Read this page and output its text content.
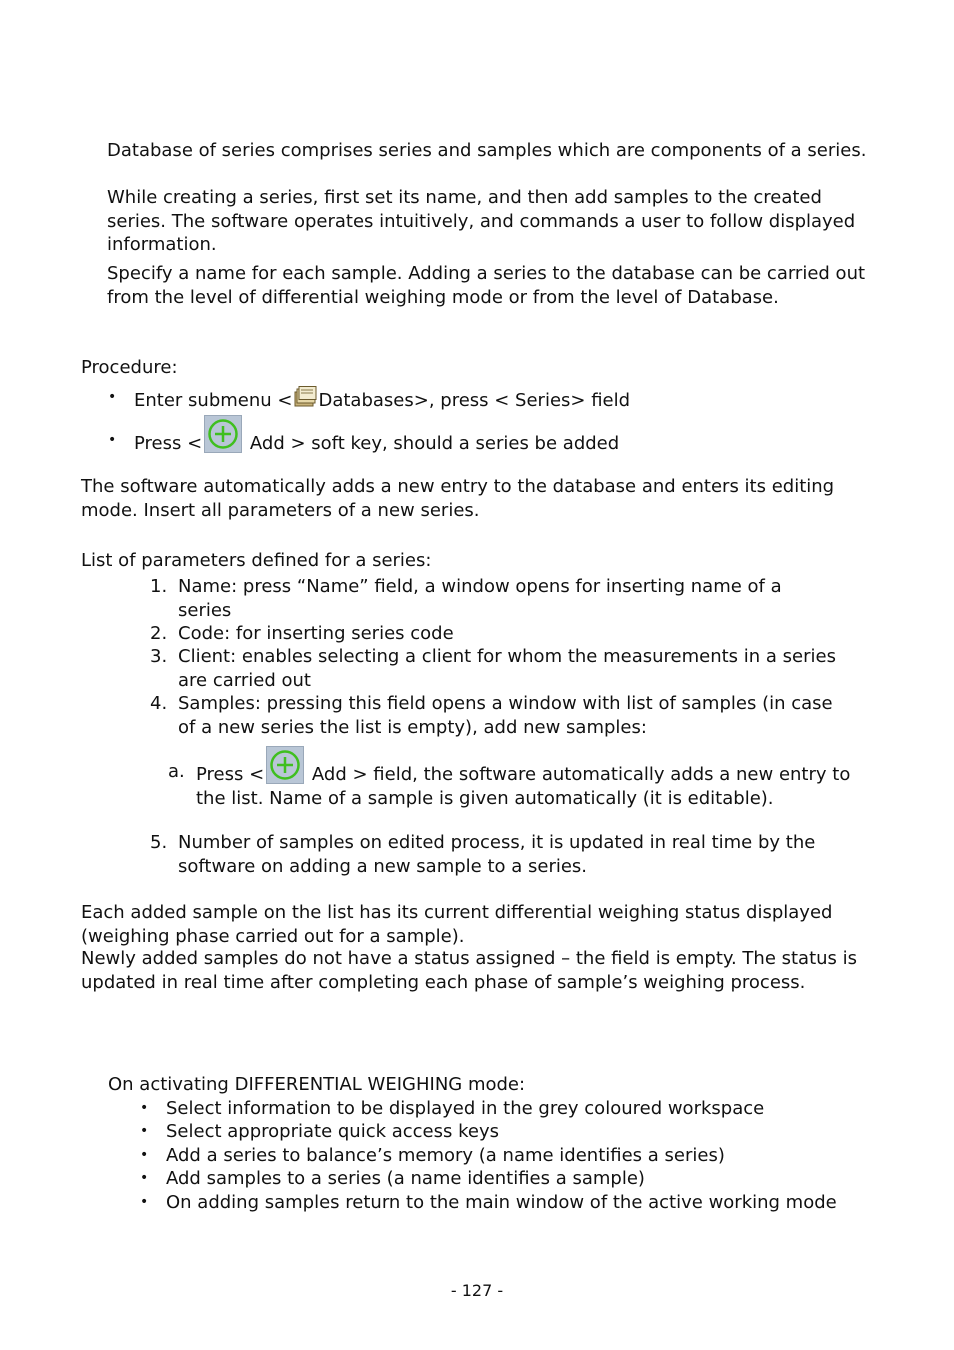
Database of series comprises series and samples which are components of a series.

While creating a series, first set its name, and then add samples to the created series. The software operates intuitively, and commands a user to follow displayed information.

Specify a name for each sample. Adding a series to the database can be carried out from the level of differential weighing mode or from the level of Database.

Procedure:

• Enter submenu < Databases>, press < Series> field
• Press <
Add > soft key, should a series be added

The software automatically adds a new entry to the database and enters its editing mode. Insert all parameters of a new series.

List of parameters defined for a series:

1. Name: press “Name” field, a window opens for inserting name of a series
2. Code: for inserting series code
3. Client: enables selecting a client for whom the measurements in a series are carried out
4. Samples: pressing this field opens a window with list of samples (in case of a new series the list is empty), add new samples:
a. Press <
Add > field, the software automatically adds a new entry to the list. Name of a sample is given automatically (it is editable).
5. Number of samples on edited process, it is updated in real time by the software on adding a new sample to a series.

Each added sample on the list has its current differential weighing status displayed (weighing phase carried out for a sample).

Newly added samples do not have a status assigned – the field is empty. The status is updated in real time after completing each phase of sample’s weighing process.

On activating DIFFERENTIAL WEIGHING mode:

• Select information to be displayed in the grey coloured workspace
• Select appropriate quick access keys
• Add a series to balance’s memory (a name identifies a series)
• Add samples to a series (a name identifies a sample)
• On adding samples return to the main window of the active working mode
- 127 -
